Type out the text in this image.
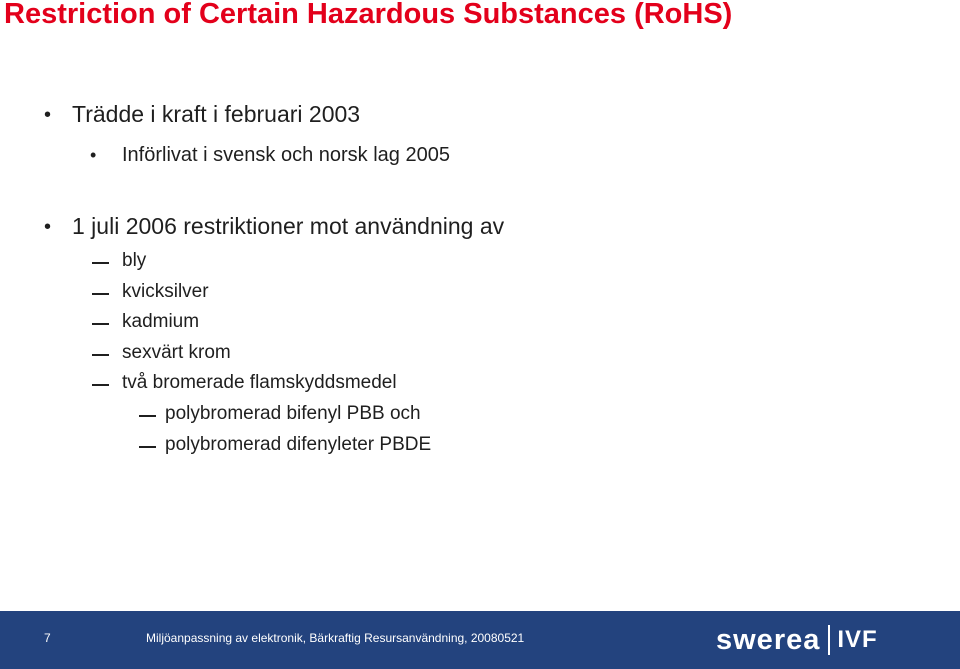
Restriction of Certain Hazardous Substances (RoHS)
• Trädde i kraft i februari 2003
• Införlivat i svensk och norsk lag 2005
• 1 juli 2006 restriktioner mot användning av
bly
kvicksilver
kadmium
sexvärt krom
två bromerade flamskyddsmedel
polybromerad bifenyl PBB och
polybromerad difenyleter PBDE
7	Miljöanpassning av elektronik, Bärkraftig Resursanvändning, 20080521	swerea IVF
